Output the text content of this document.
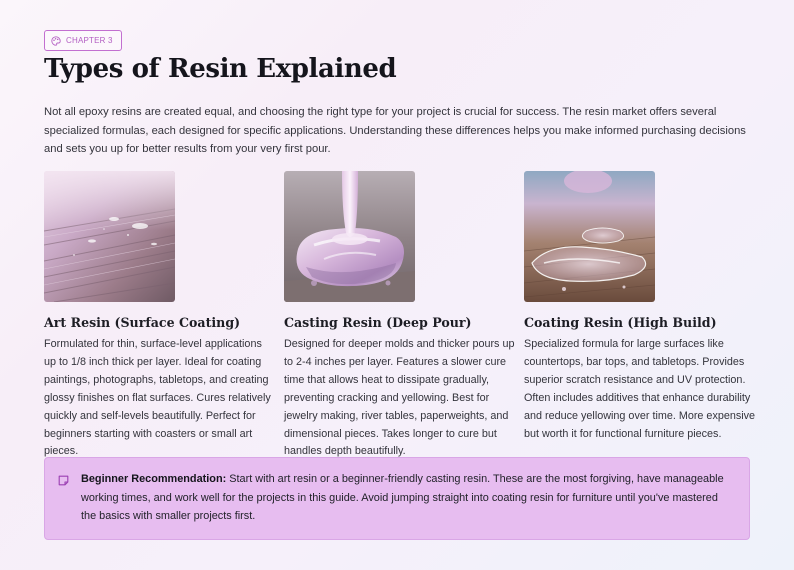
CHAPTER 3
Types of Resin Explained

Not all epoxy resins are created equal, and choosing the right type for your project is crucial for success. The resin market offers several specialized formulas, each designed for specific applications. Understanding these differences helps you make informed purchasing decisions and sets you up for better results from your very first pour.

Art Resin (Surface Coating)

Formulated for thin, surface-level applications up to 1/8 inch thick per layer. Ideal for coating paintings, photographs, tabletops, and creating glossy finishes on flat surfaces. Cures relatively quickly and self-levels beautifully. Perfect for beginners starting with coasters or small art pieces.

Casting Resin (Deep Pour)

Designed for deeper molds and thicker pours up to 2-4 inches per layer. Features a slower cure time that allows heat to dissipate gradually, preventing cracking and yellowing. Best for jewelry making, river tables, paperweights, and dimensional pieces. Takes longer to cure but handles depth beautifully.

Coating Resin (High Build)

Specialized formula for large surfaces like countertops, bar tops, and tabletops. Provides superior scratch resistance and UV protection. Often includes additives that enhance durability and reduce yellowing over time. More expensive but worth it for functional furniture pieces.

Beginner Recommendation: Start with art resin or a beginner-friendly casting resin. These are the most forgiving, have manageable working times, and work well for the projects in this guide. Avoid jumping straight into coating resin for furniture until you've mastered the basics with smaller projects first.
